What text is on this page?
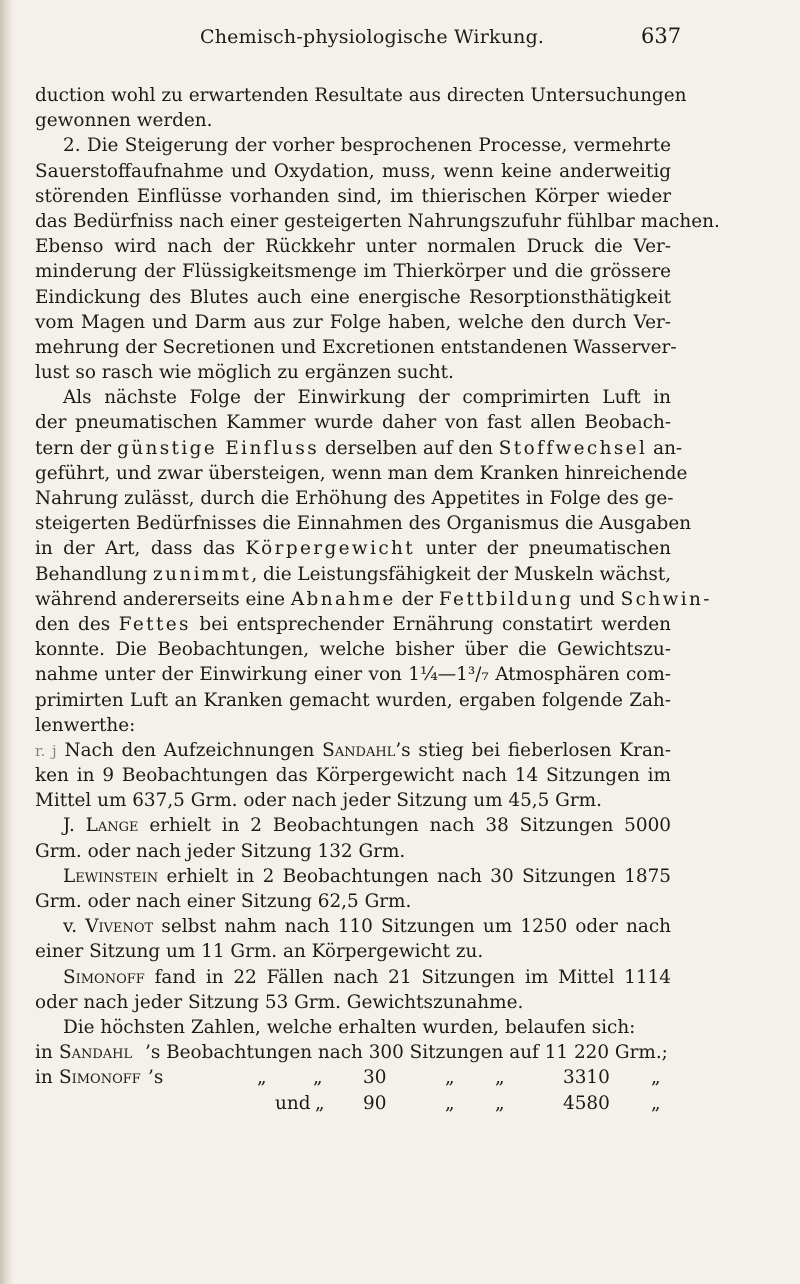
Chemisch-physiologische Wirkung.	637
duction wohl zu erwartenden Resultate aus directen Untersuchungen
gewonnen werden.
2. Die Steigerung der vorher besprochenen Processe, vermehrte
Sauerstoffaufnahme und Oxydation, muss, wenn keine anderweitig
störenden Einflüsse vorhanden sind, im thierischen Körper wieder
das Bedürfniss nach einer gesteigerten Nahrungszufuhr fühlbar machen.
Ebenso wird nach der Rückkehr unter normalen Druck die Ver-
minderung der Flüssigkeitsmenge im Thierkörper und die grössere
Eindickung des Blutes auch eine energische Resorptionsthätigkeit
vom Magen und Darm aus zur Folge haben, welche den durch Ver-
mehrung der Secretionen und Excretionen entstandenen Wasserver-
lust so rasch wie möglich zu ergänzen sucht.
Als nächste Folge der Einwirkung der comprimirten Luft in
der pneumatischen Kammer wurde daher von fast allen Beobach-
tern der günstige Einfluss derselben auf den Stoffwechsel an-
geführt, und zwar übersteigen, wenn man dem Kranken hinreichende
Nahrung zulässt, durch die Erhöhung des Appetites in Folge des ge-
steigerten Bedürfnisses die Einnahmen des Organismus die Ausgaben
in der Art, dass das Körpergewicht unter der pneumatischen
Behandlung zunimmt, die Leistungsfähigkeit der Muskeln wächst,
während andererseits eine Abnahme der Fettbildung und Schwin-
den des Fettes bei entsprechender Ernährung constatirt werden
konnte. Die Beobachtungen, welche bisher über die Gewichtszu-
nahme unter der Einwirkung einer von 1¼—1³/₇ Atmosphären com-
primirten Luft an Kranken gemacht wurden, ergaben folgende Zah-
lenwerthe:
r. j Nach den Aufzeichnungen Sandahl’s stieg bei fieberlosen Kran-
ken in 9 Beobachtungen das Körpergewicht nach 14 Sitzungen im
Mittel um 637,5 Grm. oder nach jeder Sitzung um 45,5 Grm.
J. Lange erhielt in 2 Beobachtungen nach 38 Sitzungen 5000
Grm. oder nach jeder Sitzung 132 Grm.
Lewinstein erhielt in 2 Beobachtungen nach 30 Sitzungen 1875
Grm. oder nach einer Sitzung 62,5 Grm.
v. Vivenot selbst nahm nach 110 Sitzungen um 1250 oder nach
einer Sitzung um 11 Grm. an Körpergewicht zu.
Simonoff fand in 22 Fällen nach 21 Sitzungen im Mittel 1114
oder nach jeder Sitzung 53 Grm. Gewichtszunahme.
Die höchsten Zahlen, welche erhalten wurden, belaufen sich:
in Sandahl ’s Beobachtungen nach 300 Sitzungen auf 11 220 Grm.;
in Simonoff ’s	„	„ 30	„ „	3310 „
und „ 90	„ „	4580 „
